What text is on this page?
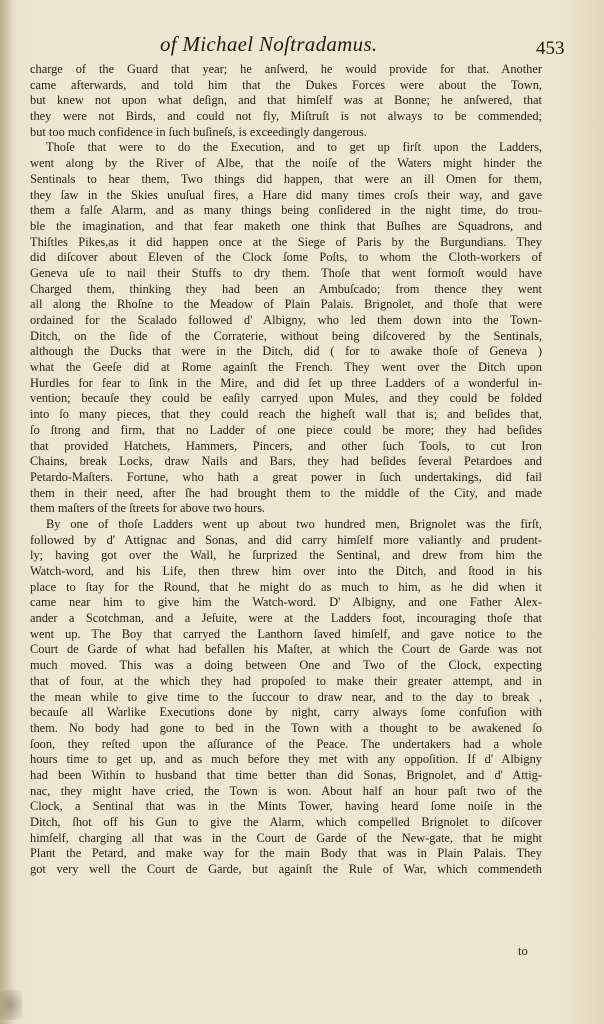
of Michael Noſtradamus.	453
charge of the Guard that year; he anſwerd, he would provide for that. Another
came afterwards, and told him that the Dukes Forces were about the Town,
but knew not upon what deſign, and that himſelf was at Bonne; he anſwered, that
they were not Birds, and could not fly, Miſtruſt is not always to be commended;
but too much confidence in ſuch buſineſs, is exceedingly dangerous.
Thoſe that were to do the Execution, and to get up firſt upon the Ladders,
went along by the River of Albe, that the noiſe of the Waters might hinder the
Sentinals to hear them, Two things did happen, that were an ill Omen for them,
they ſaw in the Skies unuſual fires, a Hare did many times croſs their way, and gave
them a falſe Alarm, and as many things being conſidered in the night time, do trou-
ble the imagination, and that fear maketh one think that Buſhes are Squadrons, and
Thiſtles Pikes,as it did happen once at the Siege of Paris by the Burgundians. They
did diſcover about Eleven of the Clock ſome Poſts, to whom the Cloth-workers of
Geneva uſe to nail their Stuffs to dry them. Thoſe that went formoſt would have
Charged them, thinking they had been an Ambuſcado; from thence they went
all along the Rhoſne to the Meadow of Plain Palais. Brignolet, and thoſe that were
ordained for the Scalado followed d' Albigny, who led them down into the Town-
Ditch, on the ſide of the Corraterie, without being diſcovered by the Sentinals,
although the Ducks that were in the Ditch, did ( for to awake thoſe of Geneva )
what the Geeſe did at Rome againſt the French. They went over the Ditch upon
Hurdles for fear to ſink in the Mire, and did ſet up three Ladders of a wonderful in-
vention; becauſe they could be eaſily carryed upon Mules, and they could be folded
into ſo many pieces, that they could reach the higheſt wall that is; and beſides that,
ſo ſtrong and firm, that no Ladder of one piece could be more; they had beſides
that provided Hatchets, Hammers, Pincers, and other ſuch Tools, to cut Iron
Chains, break Locks, draw Nails and Bars, they had beſides ſeveral Petardoes and
Petardo-Maſters. Fortune, who hath a great power in ſuch undertakings, did fail
them in their need, after ſhe had brought them to the middle of the City, and made
them maſters of the ſtreets for above two hours.
By one of thoſe Ladders went up about two hundred men, Brignolet was the firſt,
followed by d' Attignac and Sonas, and did carry himſelf more valiantly and prudent-
ly; having got over the Wall, he ſurprized the Sentinal, and drew from him the
Watch-word, and his Life, then threw him over into the Ditch, and ſtood in his
place to ſtay for the Round, that he might do as much to him, as he did when it
came near him to give him the Watch-word. D' Albigny, and one Father Alex-
ander a Scotchman, and a Jeſuite, were at the Ladders foot, incouraging thoſe that
went up. The Boy that carryed the Lanthorn ſaved himſelf, and gave notice to the
Court de Garde of what had befallen his Maſter, at which the Court de Garde was not
much moved. This was a doing between One and Two of the Clock, expecting
that of four, at the which they had propoſed to make their greater attempt, and in
the mean while to give time to the ſuccour to draw near, and to the day to break ,
becauſe all Warlike Executions done by night, carry always ſome confuſion with
them. No body had gone to bed in the Town with a thought to be awakened ſo
ſoon, they reſted upon the aſſurance of the Peace. The undertakers had a whole
hours time to get up, and as much before they met with any oppoſition. If d' Albigny
had been Within to husband that time better than did Sonas, Brignolet, and d' Attig-
nac, they might have cried, the Town is won. About half an hour paſt two of the
Clock, a Sentinal that was in the Mints Tower, having heard ſome noiſe in the
Ditch, ſhot off his Gun to give the Alarm, which compelled Brignolet to diſcover
himſelf, charging all that was in the Court de Garde of the New-gate, that he might
Plant the Petard, and make way for the main Body that was in Plain Palais. They
got very well the Court de Garde, but againſt the Rule of War, which commendeth
to
